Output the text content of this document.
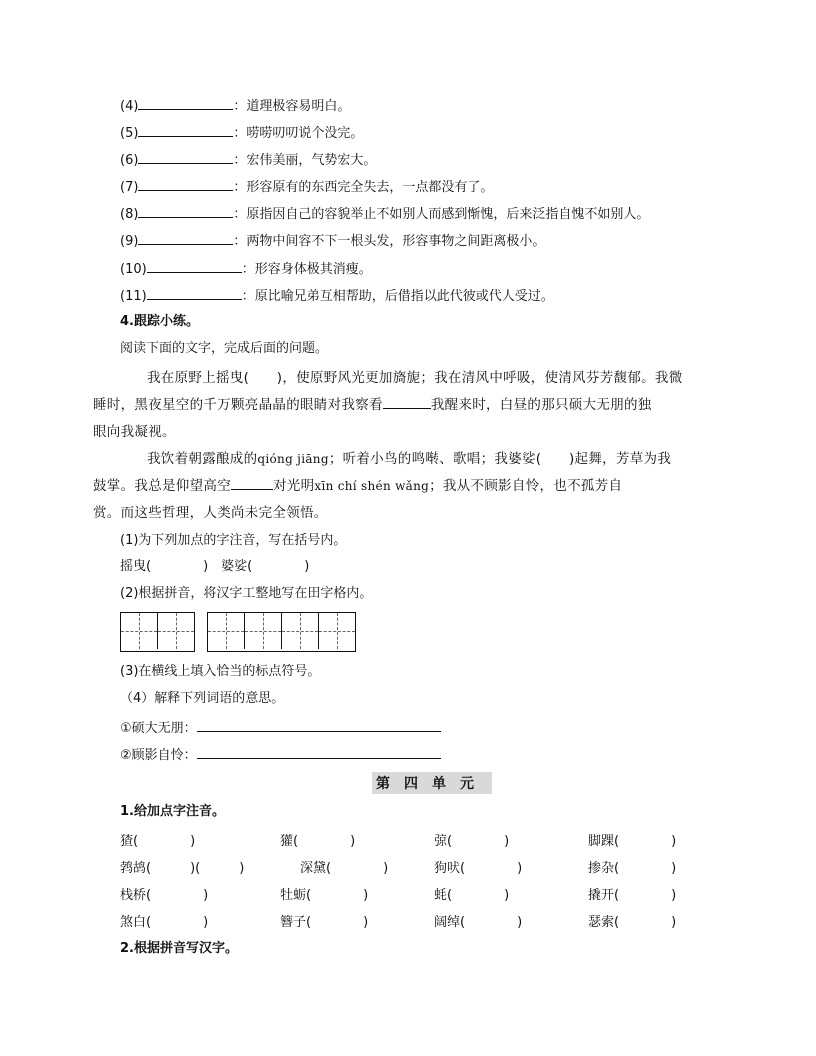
(4)	：道理极容易明白。
(5)	：唠唠叨叨说个没完。
(6)	：宏伟美丽，气势宏大。
(7)	：形容原有的东西完全失去，一点都没有了。
(8)	：原指因自己的容貌举止不如别人而感到惭愧，后来泛指自愧不如别人。
(9)	：两物中间容不下一根头发，形容事物之间距离极小。
(10)	：形容身体极其消瘦。
(11)	：原比喻兄弟互相帮助，后借指以此代彼或代人受过。
4.跟踪小练。
阅读下面的文字，完成后面的问题。
我在原野上摇曳(　　)，使原野风光更加旖旎；我在清风中呼吸，使清风芬芳馥郁。我微
睡时，黑夜星空的千万颗亮晶晶的眼睛对我察看	我醒来时，白昼的那只硕大无朋的独
眼向我凝视。
我饮着朝露酿成的qióng jiāng；听着小鸟的鸣啭、歌唱；我婆娑(　　)起舞，芳草为我
鼓掌。我总是仰望高空	对光明xīn chí shén wǎng；我从不顾影自怜，也不孤芳自
赏。而这些哲理，人类尚未完全领悟。
(1)为下列加点的字注音，写在括号内。
摇曳(　　　　)　婆娑(　　　　)
(2)根据拼音，将汉字工整地写在田字格内。
(3)在横线上填入恰当的标点符号。
（4）解释下列词语的意思。
①硕大无朋：
②顾影自怜：
第四单元
1.给加点字注音。
猹(　　　　)	獾(　　　　)	弶(　　　　)	脚踝(　　　　)
鹁鸪(　　　)(　　　)	深黛(　　　　)	狗吠(　　　　)	掺杂(　　　　)
栈桥(　　　　)	牡蛎(　　　　)	蚝(　　　　)	撬开(　　　　)
煞白(　　　　)	簪子(　　　　)	阔绰(　　　　)	瑟索(　　　　)
2.根据拼音写汉字。
